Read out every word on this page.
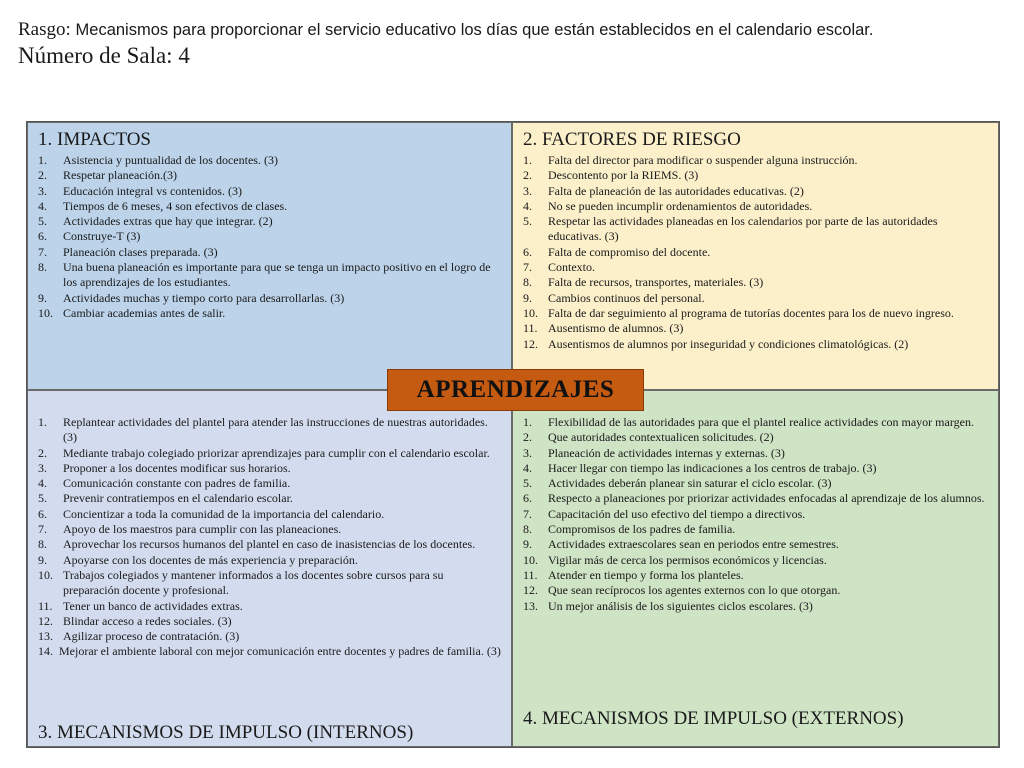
Rasgo: Mecanismos para proporcionar el servicio educativo los días que están establecidos en el calendario escolar.
Número de Sala: 4
1. IMPACTOS
1. Asistencia y puntualidad de los docentes. (3)
2. Respetar planeación.(3)
3. Educación integral vs contenidos. (3)
4. Tiempos de 6 meses, 4 son efectivos de clases.
5. Actividades extras que hay que integrar. (2)
6. Construye-T (3)
7. Planeación clases preparada. (3)
8. Una buena planeación es importante para que se tenga un impacto positivo en el logro de los aprendizajes de los estudiantes.
9. Actividades muchas y tiempo corto para desarrollarlas. (3)
10. Cambiar academias antes de salir.
2. FACTORES DE RIESGO
1. Falta del director para modificar o suspender alguna instrucción.
2. Descontento por la RIEMS. (3)
3. Falta de planeación de las autoridades educativas. (2)
4. No se pueden incumplir ordenamientos de autoridades.
5. Respetar las actividades planeadas en los calendarios por parte de las autoridades educativas. (3)
6. Falta de compromiso del docente.
7. Contexto.
8. Falta de recursos, transportes, materiales. (3)
9. Cambios continuos del personal.
10. Falta de dar seguimiento al programa de tutorías docentes para los de nuevo ingreso.
11. Ausentismo de alumnos. (3)
12. Ausentismos de alumnos por inseguridad y condiciones climatológicas. (2)
1. Replantear actividades del plantel para atender las instrucciones de nuestras autoridades. (3)
2. Mediante trabajo colegiado priorizar aprendizajes para cumplir con el calendario escolar.
3. Proponer a los docentes modificar sus horarios.
4. Comunicación constante con padres de familia.
5. Prevenir contratiempos en el calendario escolar.
6. Concientizar a toda la comunidad de la importancia del calendario.
7. Apoyo de los maestros para cumplir con las planeaciones.
8. Aprovechar los recursos humanos del plantel en caso de inasistencias de los docentes.
9. Apoyarse con los docentes de más experiencia y preparación.
10. Trabajos colegiados y mantener informados a los docentes sobre cursos para su preparación docente y profesional.
11. Tener un banco de actividades extras.
12. Blindar acceso a redes sociales. (3)
13. Agilizar proceso de contratación. (3)
14. Mejorar el ambiente laboral con mejor comunicación entre docentes y padres de familia. (3)
3. MECANISMOS DE IMPULSO (INTERNOS)
1. Flexibilidad de las autoridades para que el plantel realice actividades con mayor margen.
2. Que autoridades contextualicen solicitudes. (2)
3. Planeación de actividades internas y externas. (3)
4. Hacer llegar con tiempo las indicaciones a los centros de trabajo. (3)
5. Actividades deberán planear sin saturar el ciclo escolar. (3)
6. Respecto a planeaciones por priorizar actividades enfocadas al aprendizaje de los alumnos.
7. Capacitación del uso efectivo del tiempo a directivos.
8. Compromisos de los padres de familia.
9. Actividades extraescolares sean en periodos entre semestres.
10. Vigilar más de cerca los permisos económicos y licencias.
11. Atender en tiempo y forma los planteles.
12. Que sean recíprocos los agentes externos con lo que otorgan.
13. Un mejor análisis de los siguientes ciclos escolares. (3)
4. MECANISMOS DE IMPULSO (EXTERNOS)
APRENDIZAJES
